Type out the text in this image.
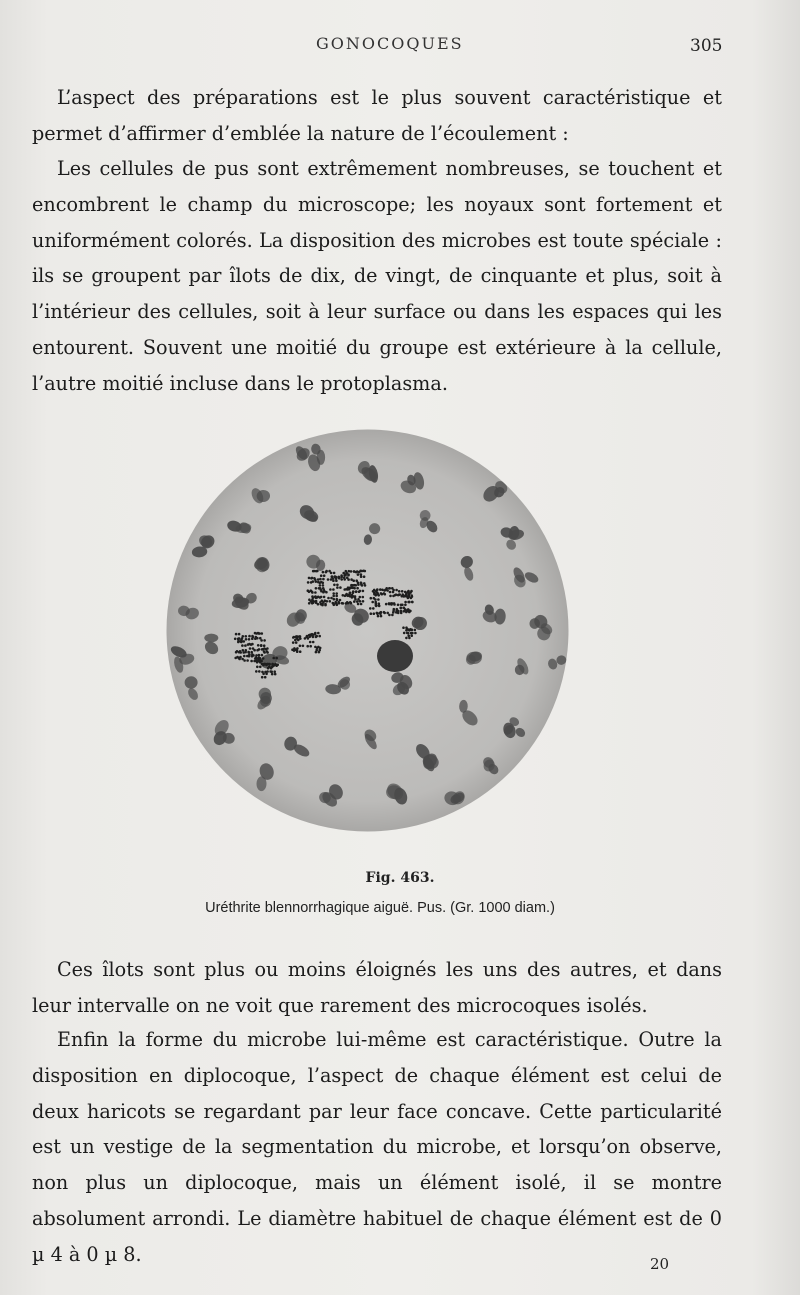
GONOCOQUES	305

L’aspect des préparations est le plus souvent caractéristique et permet d’affirmer d’emblée la nature de l’écoulement :

Les cellules de pus sont extrêmement nombreuses, se touchent et encombrent le champ du microscope; les noyaux sont fortement et uniformément colorés. La disposition des microbes est toute spéciale : ils se groupent par îlots de dix, de vingt, de cinquante et plus, soit à l’intérieur des cellules, soit à leur surface ou dans les espaces qui les entourent. Souvent une moitié du groupe est extérieure à la cellule, l’autre moitié incluse dans le protoplasma.

Fig. 463.
Uréthrite blennorrhagique aiguë. Pus. (Gr. 1000 diam.)

Ces îlots sont plus ou moins éloignés les uns des autres, et dans leur intervalle on ne voit que rarement des microcoques isolés.

Enfin la forme du microbe lui-même est caractéristique. Outre la disposition en diplocoque, l’aspect de chaque élément est celui de deux haricots se regardant par leur face concave. Cette particularité est un vestige de la segmentation du microbe, et lorsqu’on observe, non plus un diplocoque, mais un élément isolé, il se montre absolument arrondi. Le diamètre habituel de chaque élément est de 0 µ 4 à 0 µ 8.	20
